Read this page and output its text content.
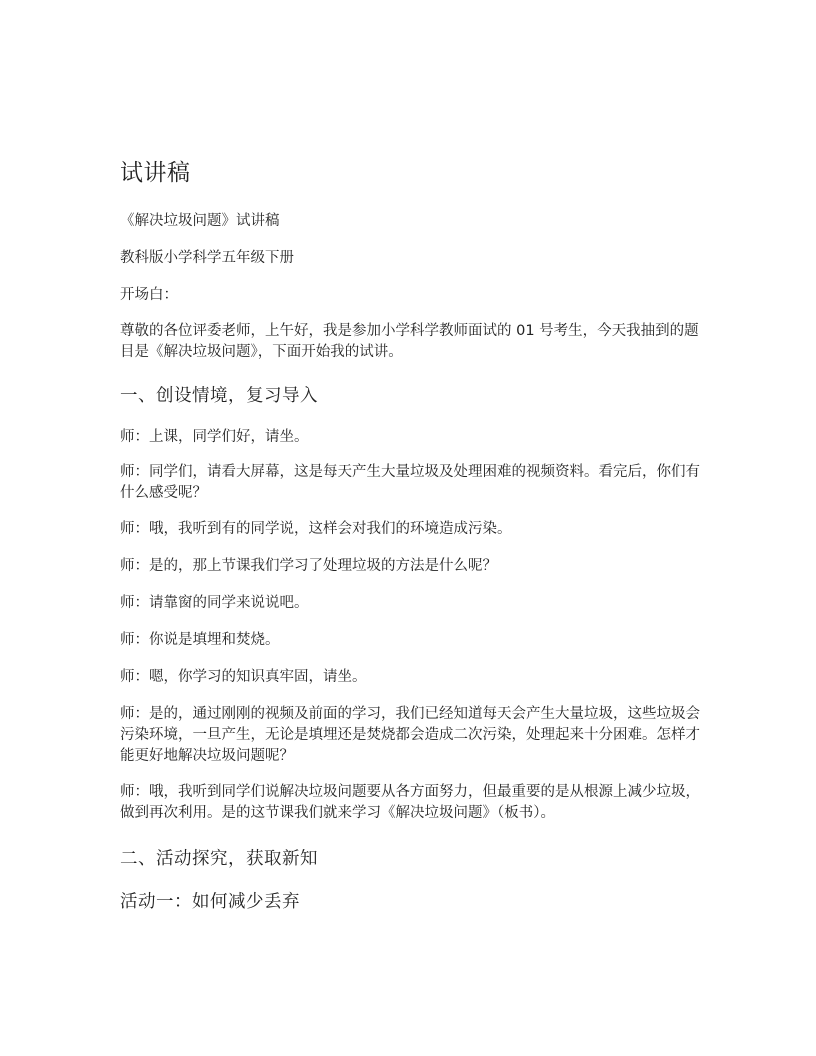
试讲稿

《解决垃圾问题》试讲稿

教科版小学科学五年级下册

开场白：

尊敬的各位评委老师，上午好，我是参加小学科学教师面试的 01 号考生，今天我抽到的题目是《解决垃圾问题》，下面开始我的试讲。

一、创设情境，复习导入

师：上课，同学们好，请坐。

师：同学们，请看大屏幕，这是每天产生大量垃圾及处理困难的视频资料。看完后，你们有什么感受呢？

师：哦，我听到有的同学说，这样会对我们的环境造成污染。

师：是的，那上节课我们学习了处理垃圾的方法是什么呢？

师：请靠窗的同学来说说吧。

师：你说是填埋和焚烧。

师：嗯，你学习的知识真牢固，请坐。

师：是的，通过刚刚的视频及前面的学习，我们已经知道每天会产生大量垃圾，这些垃圾会污染环境，一旦产生，无论是填埋还是焚烧都会造成二次污染，处理起来十分困难。怎样才能更好地解决垃圾问题呢？

师：哦，我听到同学们说解决垃圾问题要从各方面努力，但最重要的是从根源上减少垃圾，做到再次利用。是的这节课我们就来学习《解决垃圾问题》（板书）。

二、活动探究，获取新知
活动一：如何减少丢弃
